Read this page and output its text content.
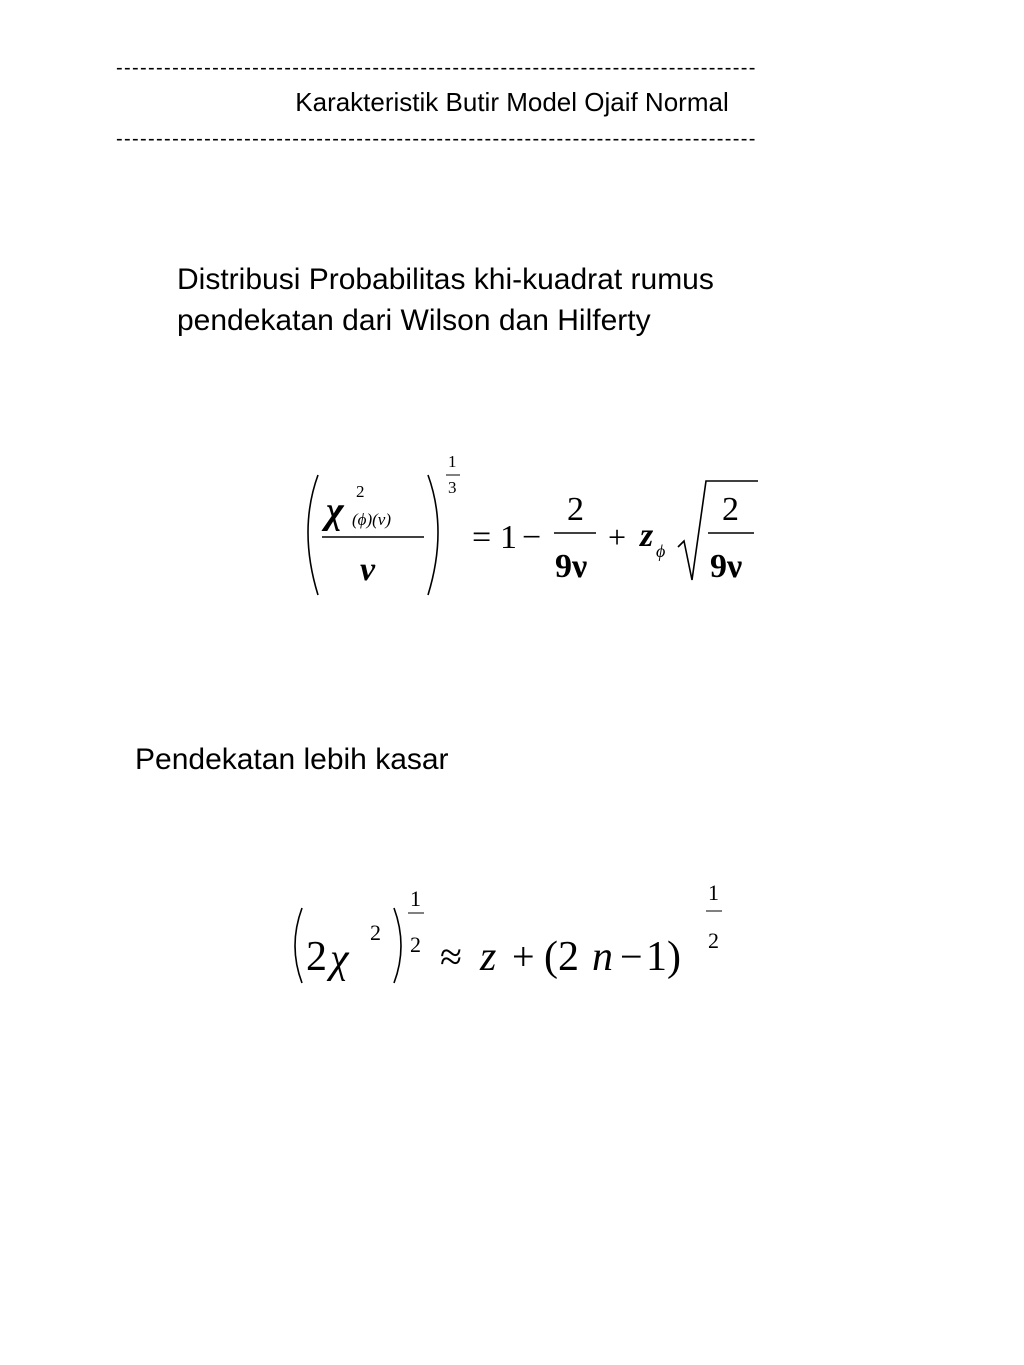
--------------------------------------------------------------------------------
Karakteristik Butir Model Ojaif Normal
--------------------------------------------------------------------------------
Distribusi Probabilitas khi-kuadrat rumus
pendekatan dari Wilson dan Hilferty
χ 2
(ϕ)(ν)
ν
1
3
= 1 −
2
9ν
+ z ϕ
2
9ν
Pendekatan lebih kasar
2 χ
2
1
2 ≈ z + (2 n − 1)
1
2
